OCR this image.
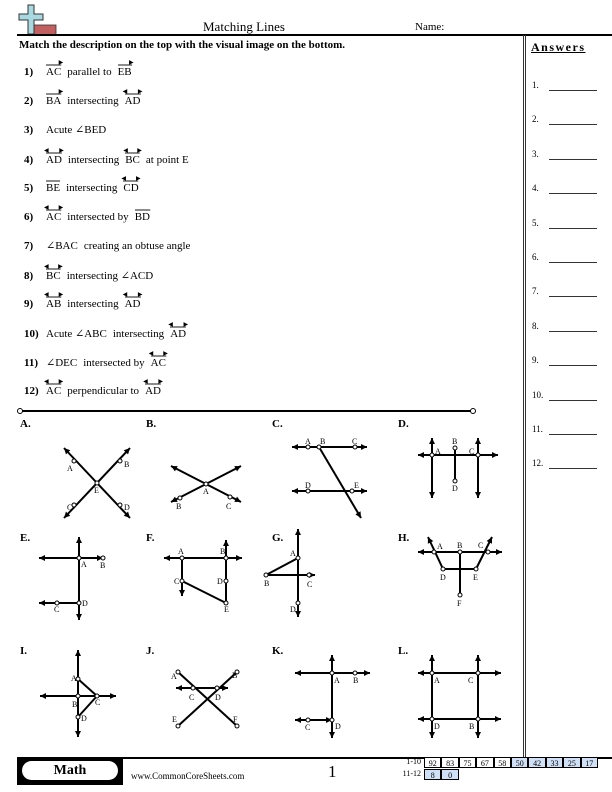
Matching Lines	Name:
Match the description on the top with the visual image on the bottom.	Answers
1.
2.
3.
4.
5.
6.
7.
8.
9.
10.
11.
12.
1)
▶
AC parallel to
▶
EB
2)
▶
BA intersecting
▶
◀
AD
3) Acute ∠BED
4)
▶
◀
AD intersecting
▶
◀
BC at point E
5) BE intersecting
▶
◀
CD
6)
▶
◀
AC intersected by BD
7) ∠BAC creating an obtuse angle
8)
▶
◀
BC intersecting ∠ACD
9)
▶
◀
AB intersecting
▶
◀
AD
10) Acute ∠ABC intersecting
▶
◀
AD
11) ∠DEC intersected by
▶
◀
AC
12)
▶
◀
AC perpendicular to
▶
◀
AD
A.
A	B
E
C	D
B.
A
B	C
C.
A B	C
D	E
D.
A
B
C
D
E.
A B
C
D
F.
A	B
C	D
E
G.
A
B	C
D
H.
A B C
D	E
F
I.
A
B C
D
J.
A	B
C	D
E	F
K.
A B
C	D
L.
A	C
D	B
Math	www.CommonCoreSheets.com	1
1-10 92	83	75	67	58	50	42	33	25	17
11-12	8	0
